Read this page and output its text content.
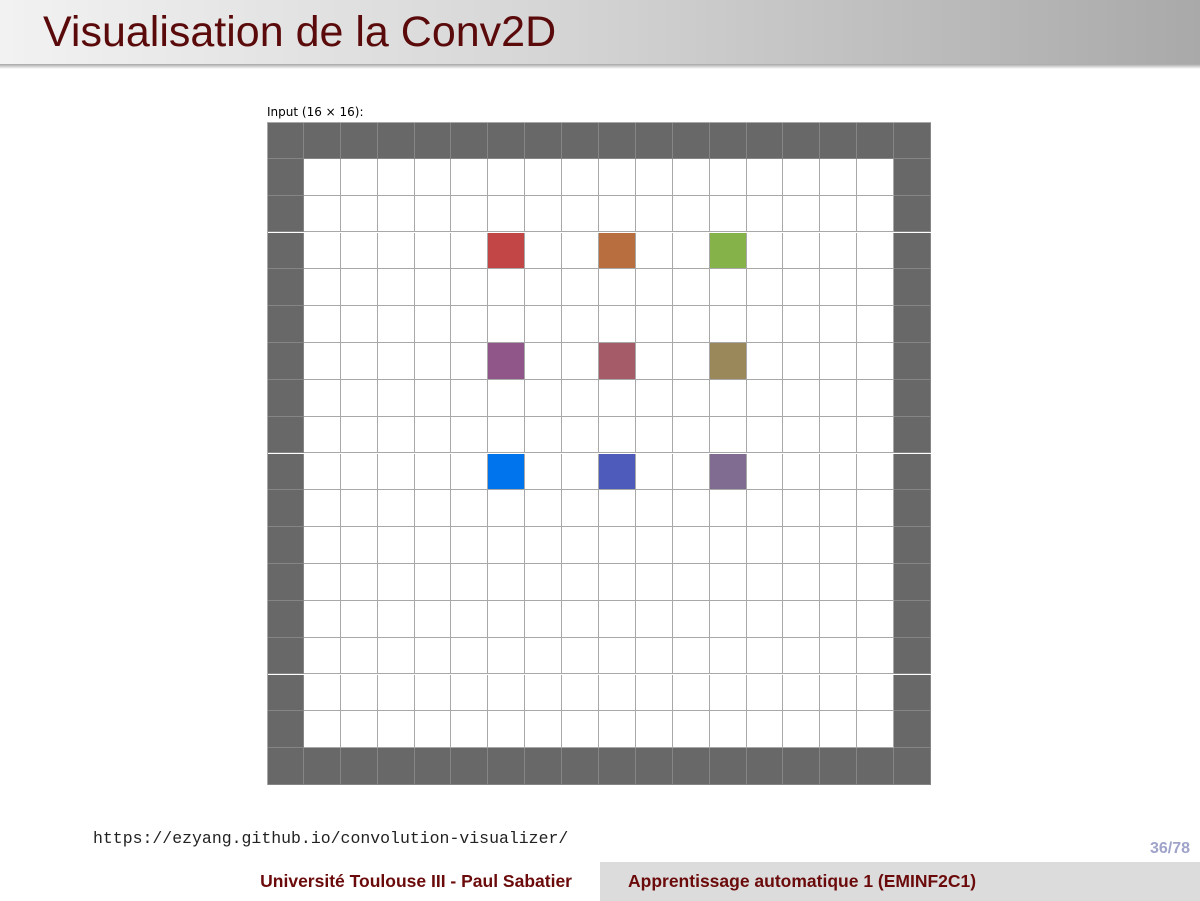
Visualisation de la Conv2D
Input (16 × 16):
https://ezyang.github.io/convolution-visualizer/
36/78
Université Toulouse III - Paul Sabatier	Apprentissage automatique 1 (EMINF2C1)
